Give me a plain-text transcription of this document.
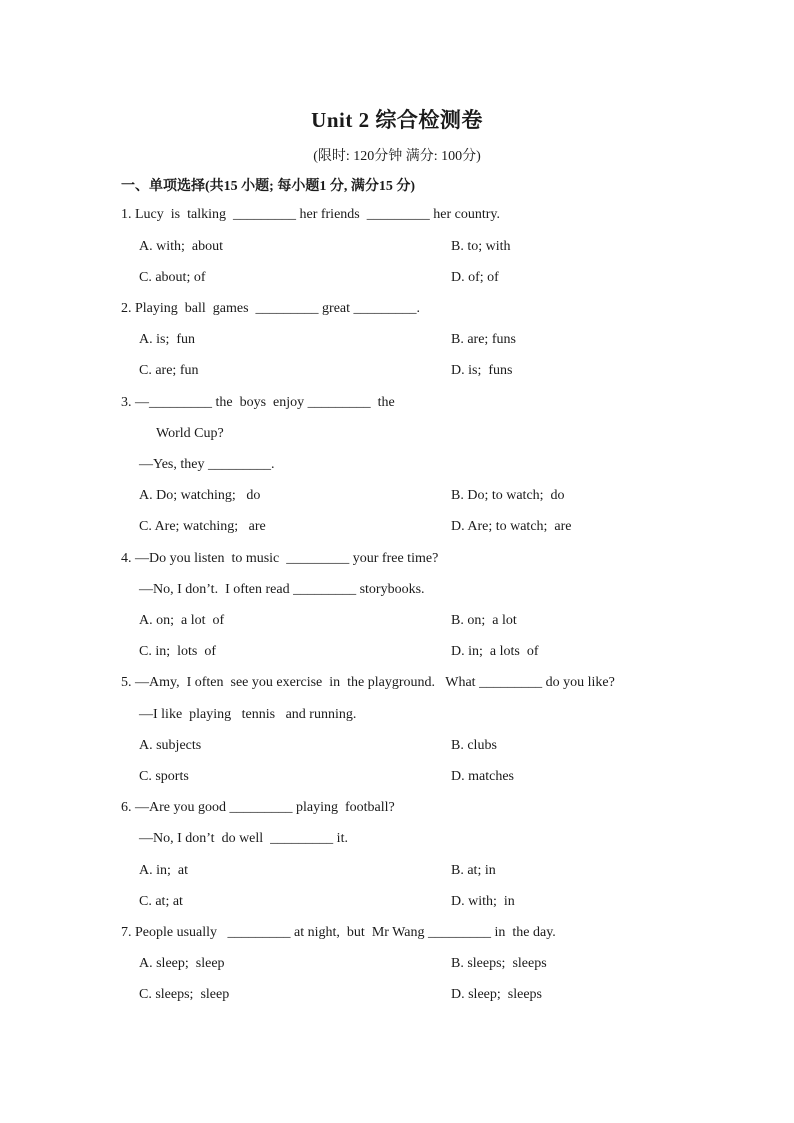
Unit 2 综合检测卷
(限时: 120分钟 满分: 100分)
一、单项选择(共15 小题; 每小题1 分, 满分15 分)
1. Lucy  is  talking  _________ her friends  _________ her country.
A. with;  about	B. to; with
C. about; of	D. of; of
2. Playing  ball  games  _________ great _________.
A. is;  fun	B. are; funs
C. are; fun	D. is;  funs
3. —_________ the  boys  enjoy _________  the
World Cup?
—Yes, they _________.
A. Do; watching;   do	B. Do; to watch;  do
C. Are; watching;   are	D. Are; to watch;  are
4. —Do you listen  to music  _________ your free time?
—No, I don’t.  I often read _________ storybooks.
A. on;  a lot  of	B. on;  a lot
C. in;  lots  of	D. in;  a lots  of
5. —Amy,  I often  see you exercise  in  the playground.   What _________ do you like?
—I like  playing   tennis   and running.
A. subjects	B. clubs
C. sports	D. matches
6. —Are you good _________ playing  football?
—No, I don’t  do well  _________ it.
A. in;  at	B. at; in
C. at; at	D. with;  in
7. People usually   _________ at night,  but  Mr Wang _________ in  the day.
A. sleep;  sleep	B. sleeps;  sleeps
C. sleeps;  sleep	D. sleep;  sleeps
